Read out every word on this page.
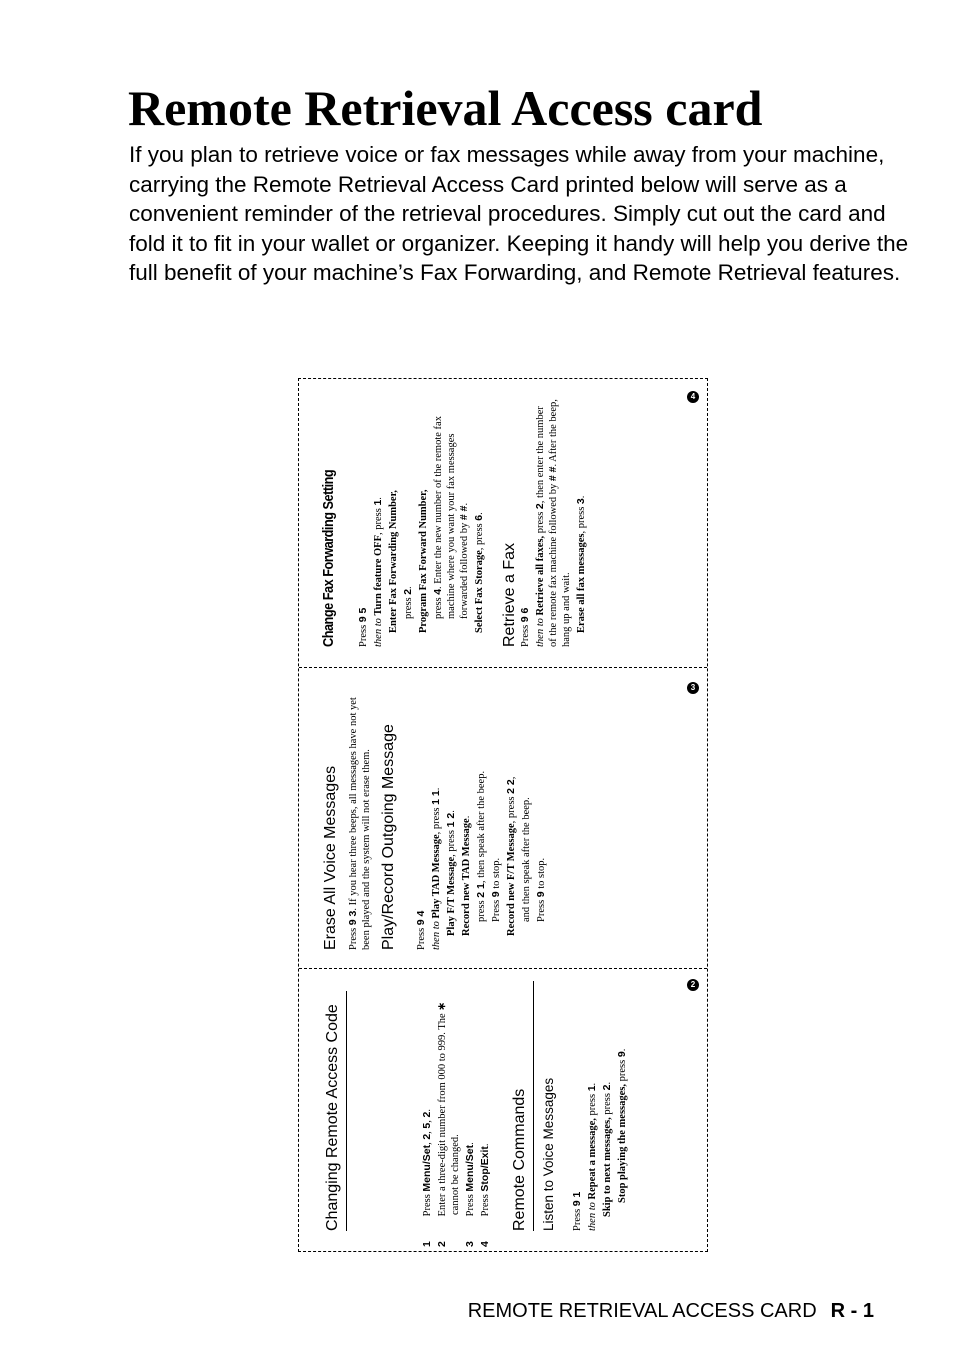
Remote Retrieval Access card

If you plan to retrieve voice or fax messages while away from your machine, carrying the Remote Retrieval Access Card printed below will serve as a convenient reminder of the retrieval procedures. Simply cut out the card and fold it to fit in your wallet or organizer. Keeping it handy will help you derive the full benefit of your machine’s Fax Forwarding, and Remote Retrieval features.

Change Fax Forwarding Setting Press 9 5
then to Turn feature OFF, press 1. Enter Fax Forwarding Number, press 2. Program Fax Forward Number, press 4. Enter the new number of the remote fax machine where you want your fax messages forwarded followed by # #.
Select Fax Storage, press 6.
Retrieve a Fax Press 9 6
then to Retrieve all faxes, press 2, then enter the number of the remote fax machine followed by # #. After the beep, hang up and wait. Erase all fax messages, press 3.
4
Erase All Voice Messages Press 9 3. If you hear three beeps, all messages have not yet been played and the system will not erase them. Play/Record Outgoing Message Press 9 4
then to Play TAD Message, press 1 1.
Play F/T Message, press 1 2.
Record new TAD Message.
press 2 1, then speak after the beep.
Press 9 to stop. Record new F/T Message, press 2 2,
and then speak after the beep. Press 9 to stop.
3
Changing Remote Access Code
1 Press Menu/Set, 2, 5, 2.
2 Enter a three-digit number from 000 to 999. The ∗ cannot be changed.
3 Press Menu/Set.
4 Press Stop/Exit. Remote Commands Listen to Voice Messages Press 9 1
then to Repeat a message, press 1.
Skip to next messages, press 2.
Stop playing the messages, press 9.
2
REMOTE RETRIEVAL ACCESS CARD R - 1
